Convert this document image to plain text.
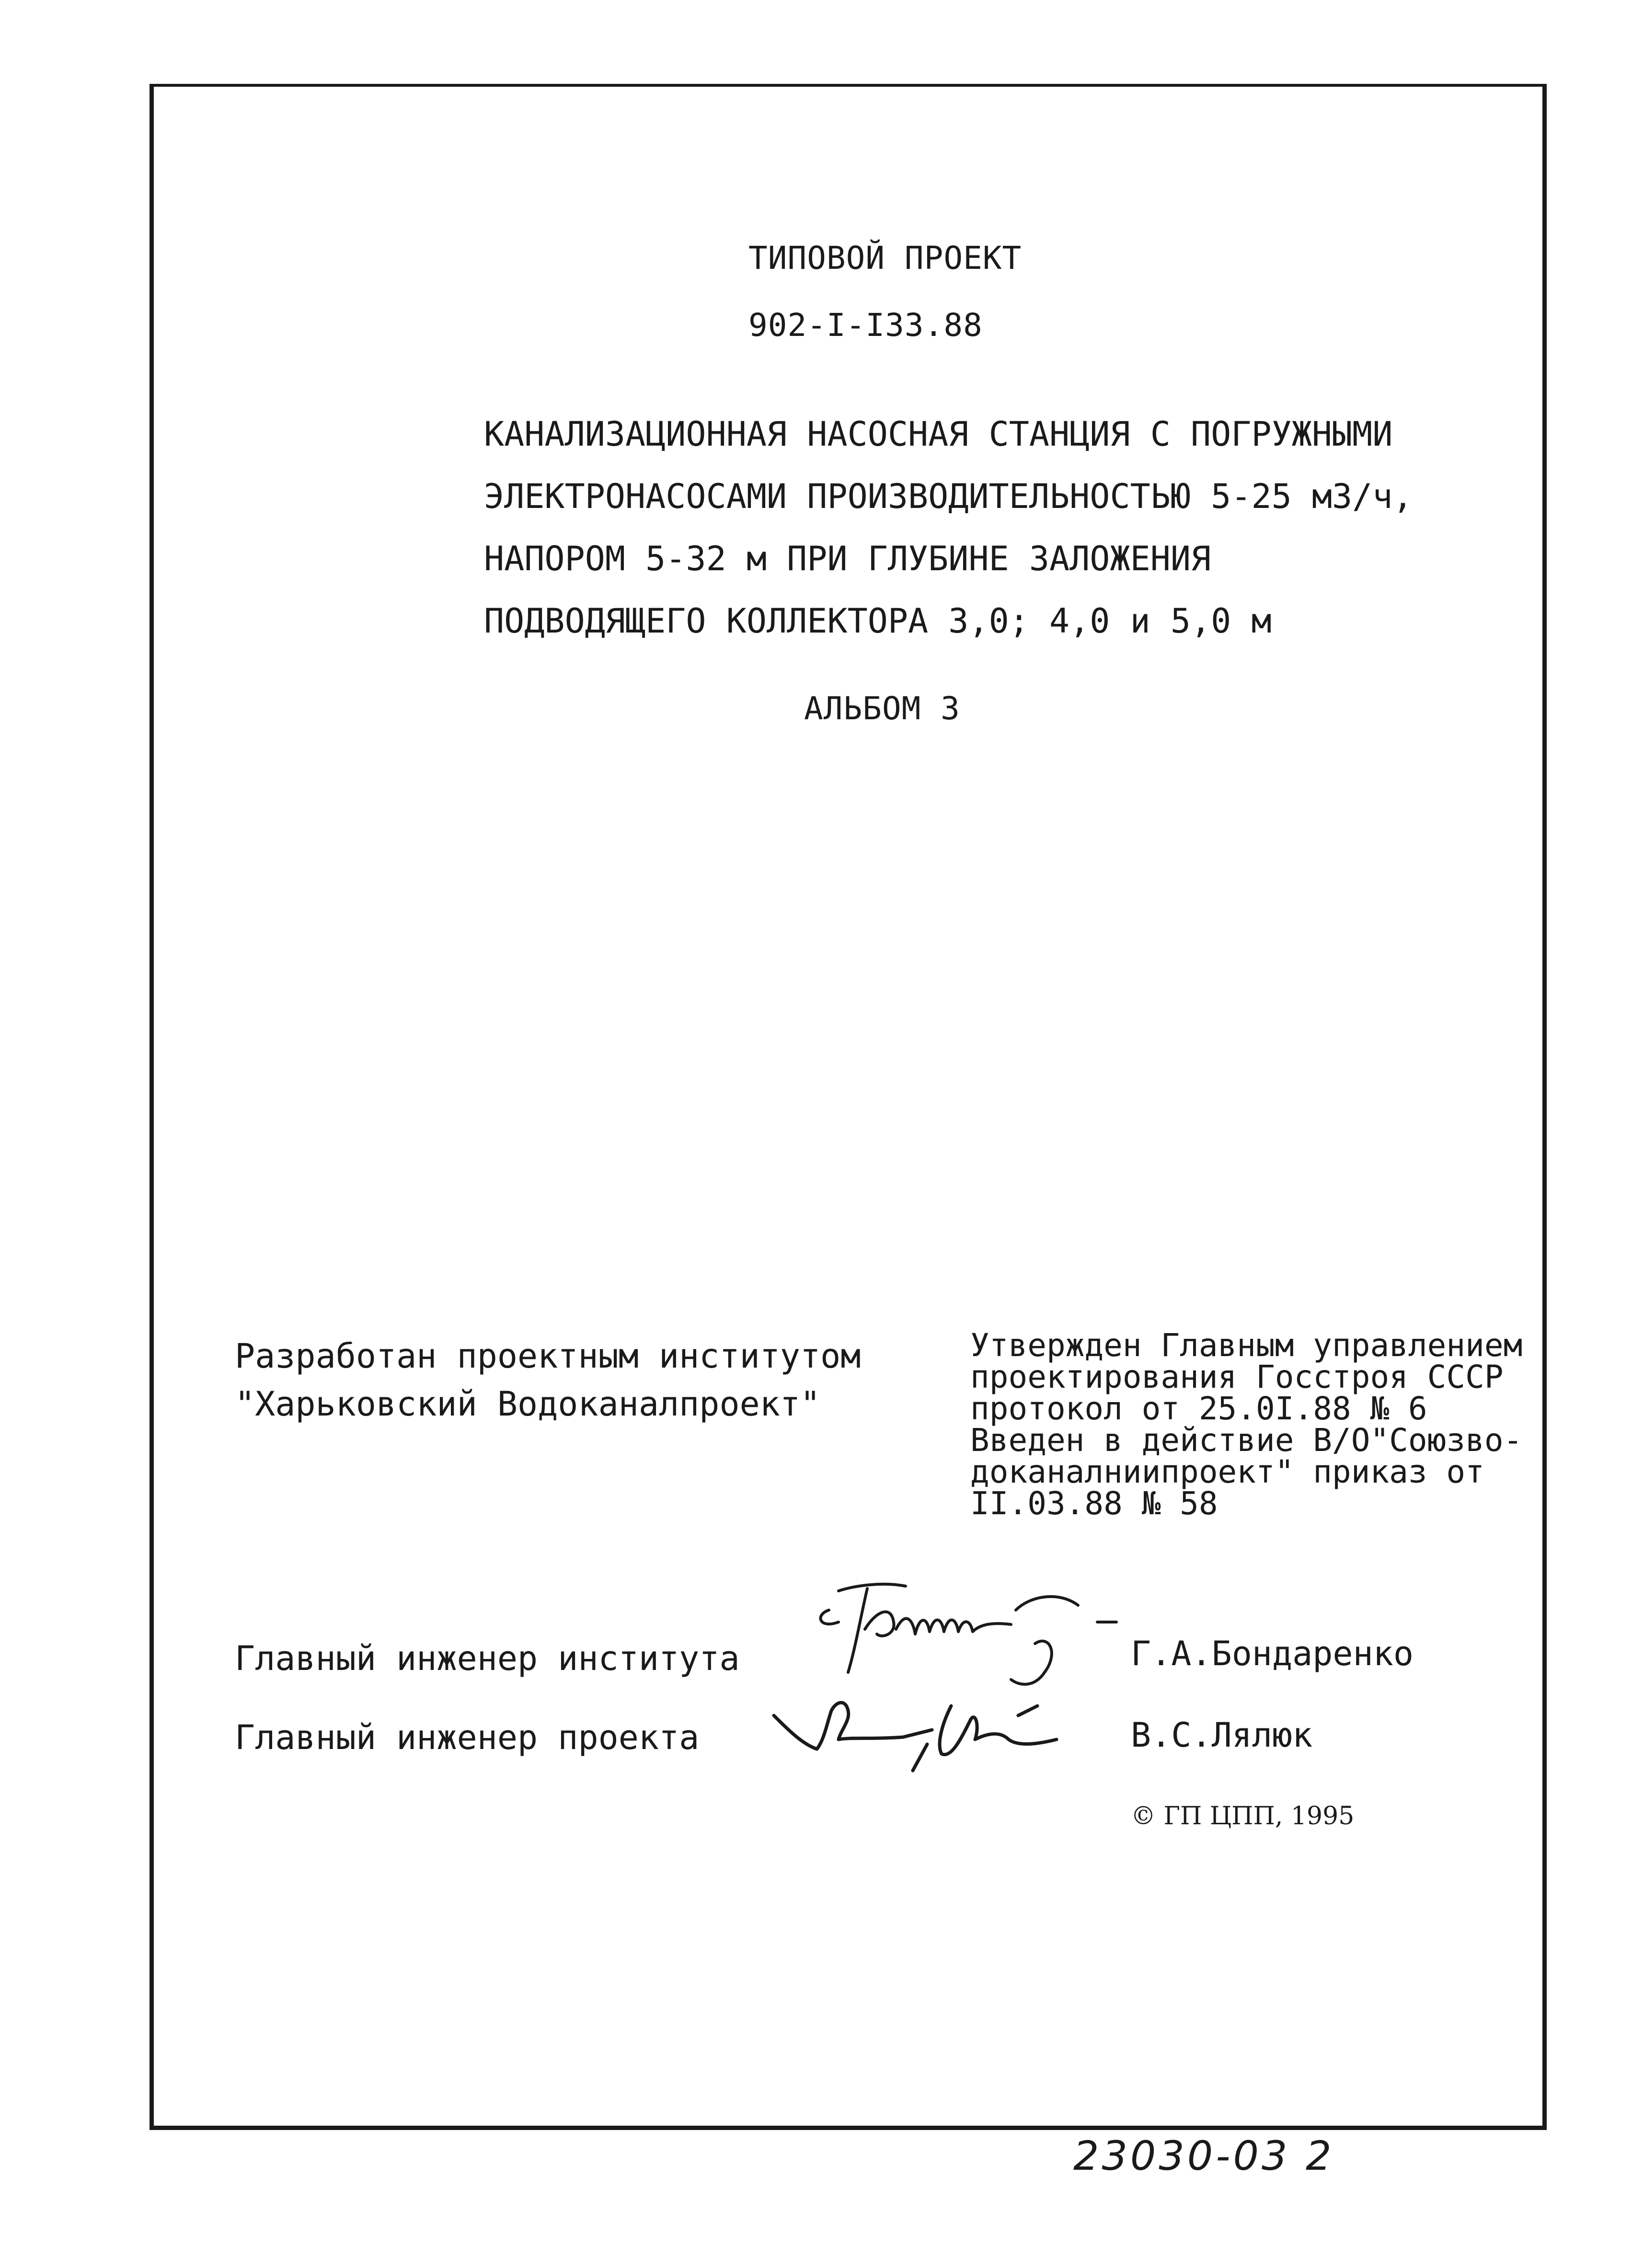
ТИПОВОЙ ПРОЕКТ
902-I-I33.88
КАНАЛИЗАЦИОННАЯ НАСОСНАЯ СТАНЦИЯ С ПОГРУЖНЫМИ
ЭЛЕКТРОНАСОСАМИ ПРОИЗВОДИТЕЛЬНОСТЬЮ 5-25 м3/ч,
НАПОРОМ 5-32 м ПРИ ГЛУБИНЕ ЗАЛОЖЕНИЯ
ПОДВОДЯЩЕГО КОЛЛЕКТОРА 3,0; 4,0 и 5,0 м
АЛЬБОМ 3
Разработан проектным институтом
"Харьковский Водоканалпроект"
Утвержден Главным управлением
проектирования Госстроя СССР
протокол от 25.0I.88 № 6
Введен в действие В/О"Союзво-
доканалниипроект" приказ от
II.03.88 № 58
Главный инженер института	Г.А.Бондаренко
Главный инженер проекта	В.С.Лялюк
© ГП ЦПП, 1995
23030-03 2
